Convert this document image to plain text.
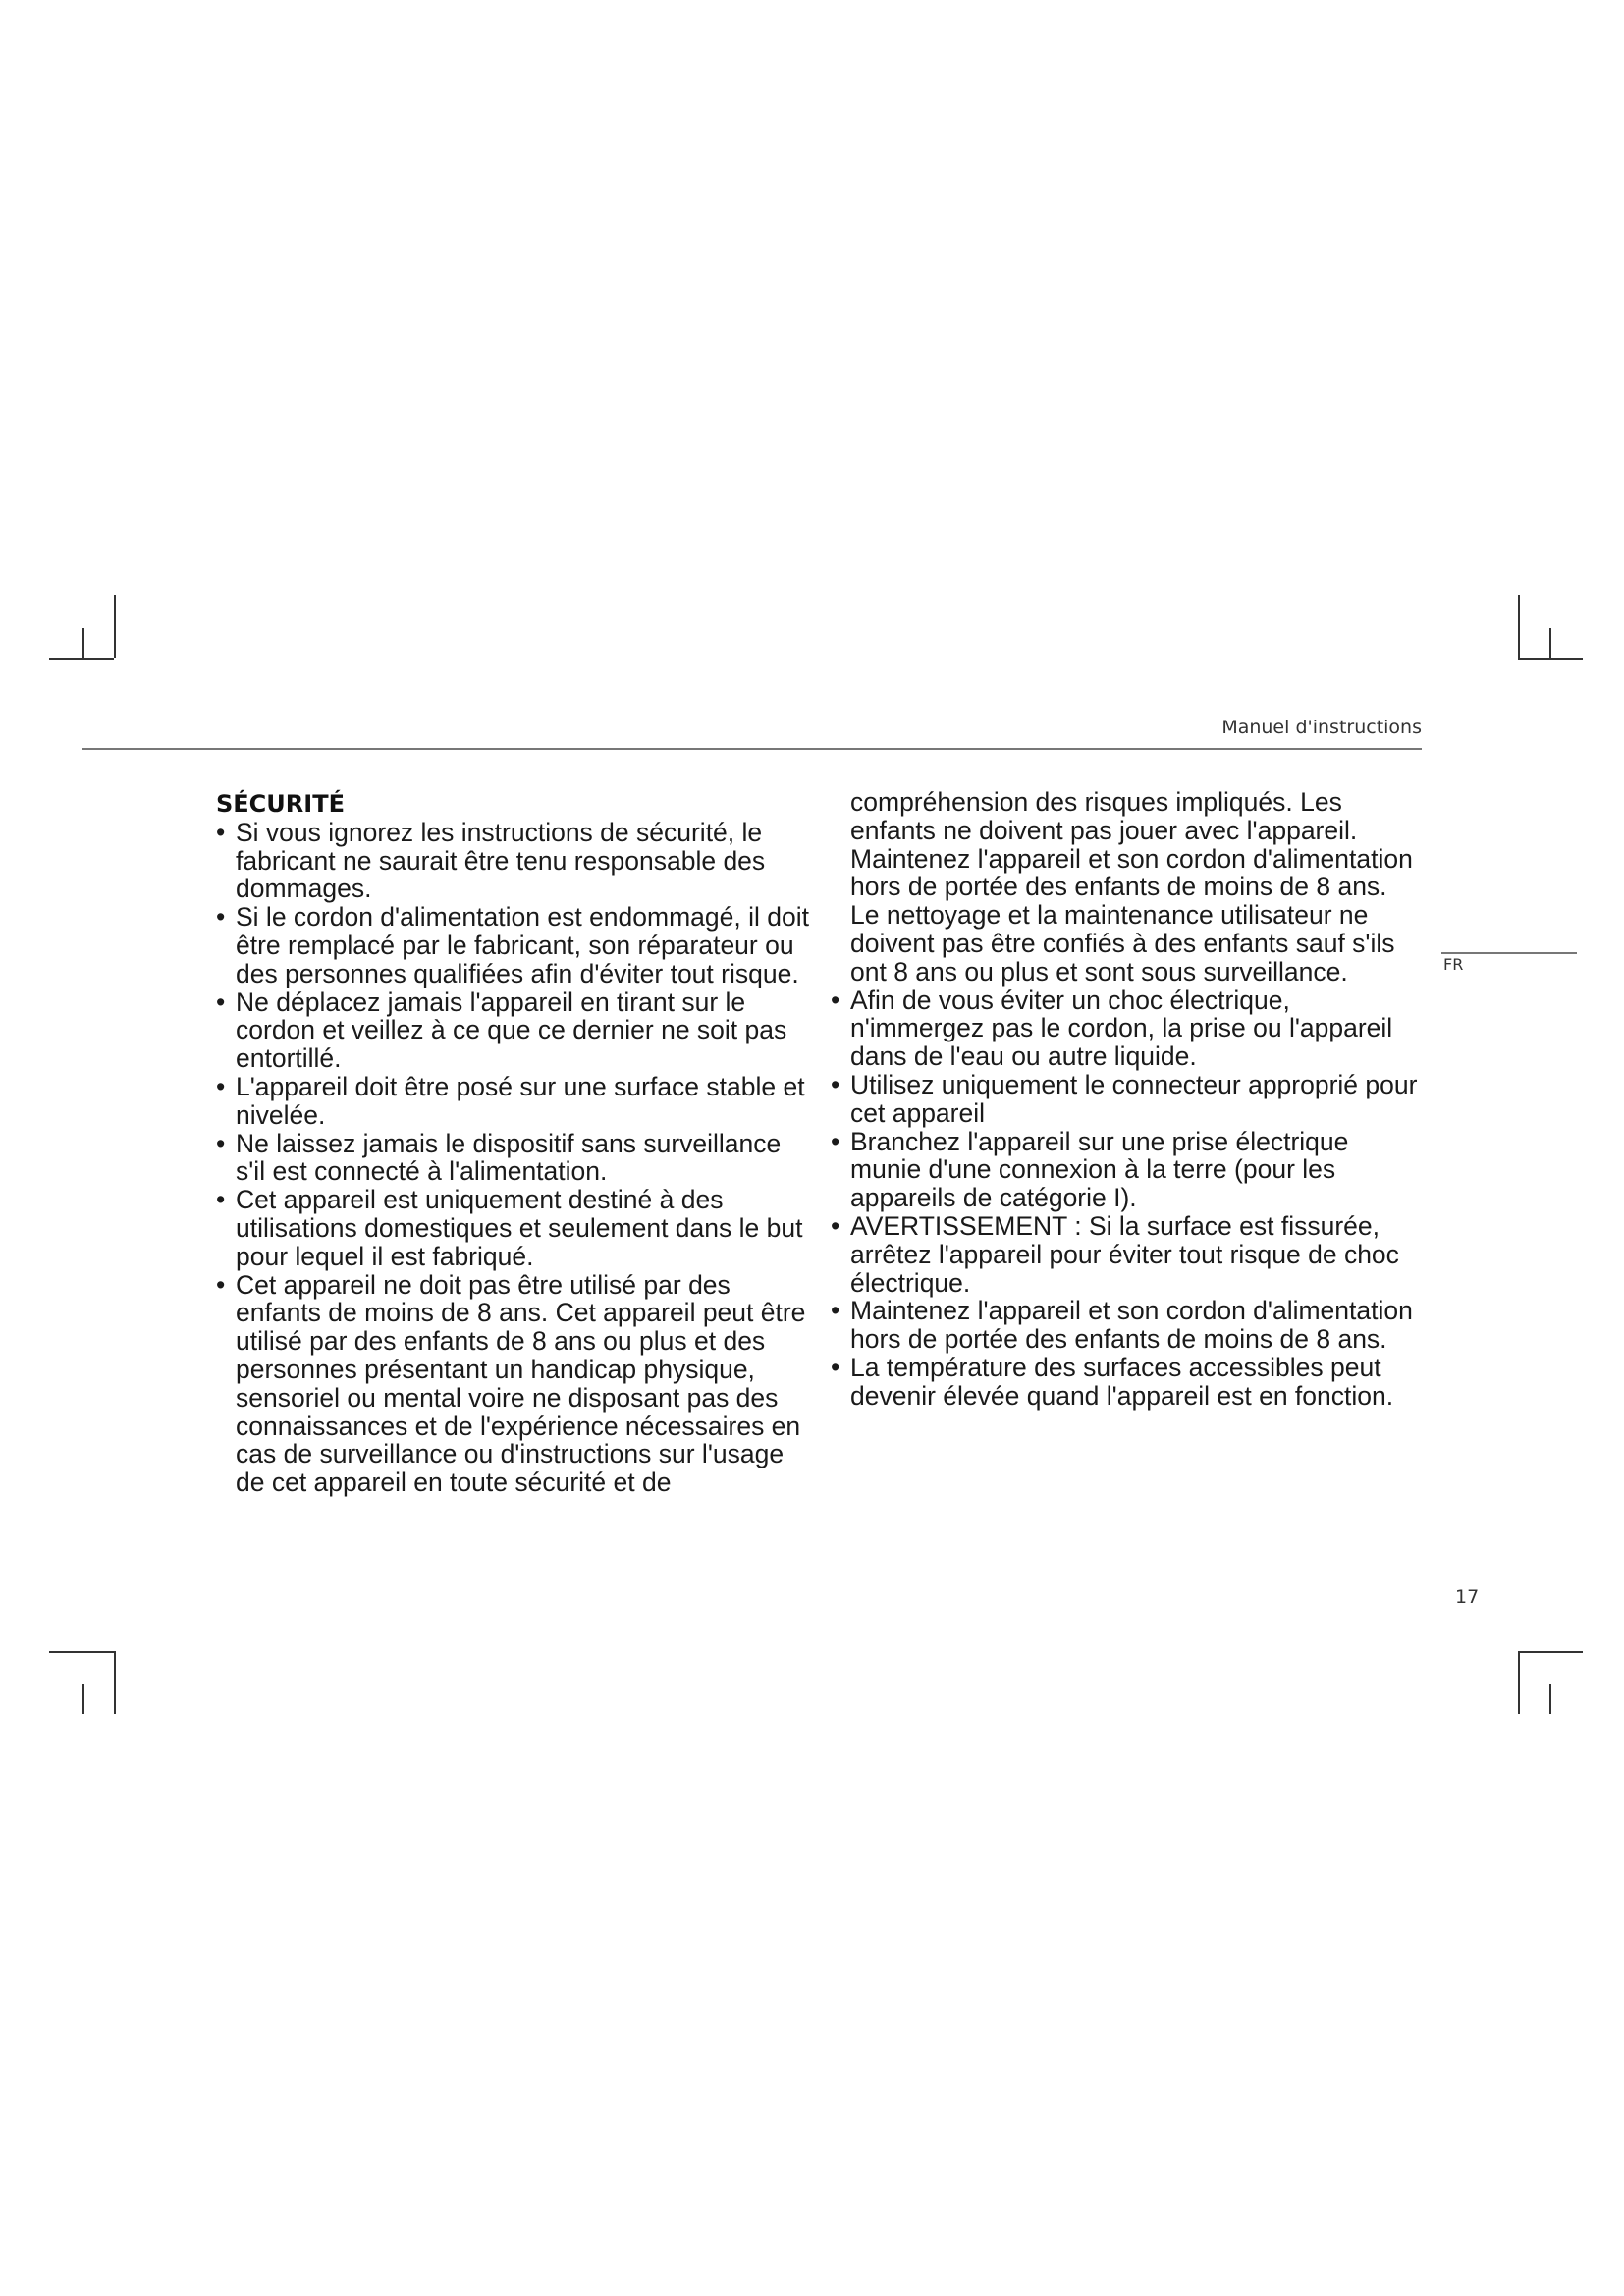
Manuel d'instructions
FR
SÉCURITÉ
• Si vous ignorez les instructions de sécurité, le fabricant ne saurait être tenu responsable des dommages.
• Si le cordon d'alimentation est endommagé, il doit être remplacé par le fabricant, son réparateur ou des personnes qualifiées afin d'éviter tout risque.
• Ne déplacez jamais l'appareil en tirant sur le cordon et veillez à ce que ce dernier ne soit pas entortillé.
• L'appareil doit être posé sur une surface stable et nivelée.
• Ne laissez jamais le dispositif sans surveillance s'il est connecté à l'alimentation.
• Cet appareil est uniquement destiné à des utilisations domestiques et seulement dans le but pour lequel il est fabriqué.
• Cet appareil ne doit pas être utilisé par des enfants de moins de 8 ans. Cet appareil peut être utilisé par des enfants de 8 ans ou plus et des personnes présentant un handicap physique, sensoriel ou mental voire ne disposant pas des connaissances et de l'expérience nécessaires en cas de surveillance ou d'instructions sur l'usage de cet appareil en toute sécurité et de

compréhension des risques impliqués. Les enfants ne doivent pas jouer avec l'appareil. Maintenez l'appareil et son cordon d'alimentation hors de portée des enfants de moins de 8 ans. Le nettoyage et la maintenance utilisateur ne doivent pas être confiés à des enfants sauf s'ils ont 8 ans ou plus et sont sous surveillance.

• Afin de vous éviter un choc électrique, n'immergez pas le cordon, la prise ou l'appareil dans de l'eau ou autre liquide.
• Utilisez uniquement le connecteur approprié pour cet appareil
• Branchez l'appareil sur une prise électrique munie d'une connexion à la terre (pour les appareils de catégorie I).
• AVERTISSEMENT : Si la surface est fissurée, arrêtez l'appareil pour éviter tout risque de choc électrique.
• Maintenez l'appareil et son cordon d'alimentation hors de portée des enfants de moins de 8 ans.
• La température des surfaces accessibles peut devenir élevée quand l'appareil est en fonction.
17
